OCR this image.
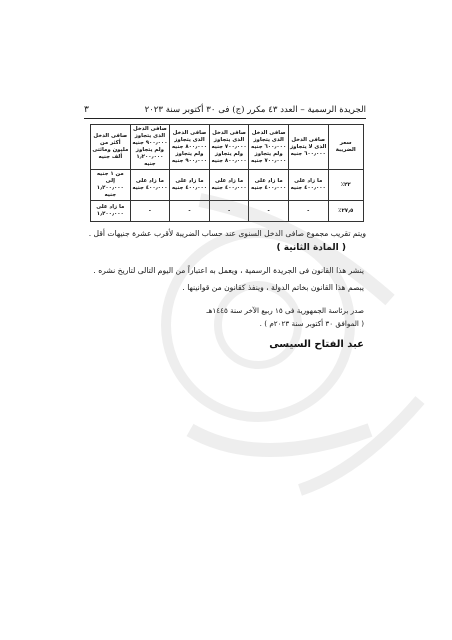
الجريدة الرسمية – العدد ٤٣ مكرر (ج) فى ٣٠ أكتوبر سنة ٢٠٢٣
٣
سعر الضريبة	صافى الدخل الذى لا يتجاوز ٦٠٠٫٠٠٠ جنيه	صافى الدخل الذى يتجاوز ٦٠٠٫٠٠٠ جنيه ولم يتجاوز ٧٠٠٫٠٠٠ جنيه	صافى الدخل الذى يتجاوز ٧٠٠٫٠٠٠ جنيه ولم يتجاوز ٨٠٠٫٠٠٠ جنيه	صافى الدخل الذى يتجاوز ٨٠٠٫٠٠٠ جنيه ولم يتجاوز ٩٠٠٫٠٠٠ جنيه	صافى الدخل الذى يتجاوز ٩٠٠٫٠٠٠ جنيه ولم يتجاوز ١٫٢٠٠٫٠٠٠ جنيه	صافى الدخل أكثر من مليون ومائتى ألف جنيه
٢٢٪	ما زاد على ٤٠٠٫٠٠٠ جنيه	ما زاد على ٤٠٠٫٠٠٠ جنيه	ما زاد على ٤٠٠٫٠٠٠ جنيه	ما زاد على ٤٠٠٫٠٠٠ جنيه	ما زاد على ٤٠٠٫٠٠٠ جنيه	من ١ جنيه إلى ١٫٢٠٠٫٠٠٠ جنيه
٢٧٫٥٪	-	-	-	-	-	ما زاد على ١٫٢٠٠٫٠٠٠
ويتم تقريب مجموع صافى الدخل السنوى عند حساب الضريبة لأقرب عشرة جنيهات أقل .
( المادة الثانية )
ينشر هذا القانون فى الجريدة الرسمية ، ويعمل به اعتباراً من اليوم التالى لتاريخ نشره .
يبصم هذا القانون بخاتم الدولة ، وينفذ كقانون من قوانينها .
صدر برئاسة الجمهورية فى ١٥ ربيع الآخر سنة ١٤٤٥هـ
( الموافق ٣٠ أكتوبر سنة ٢٠٢٣م ) .
عبد الفتاح السيسى
